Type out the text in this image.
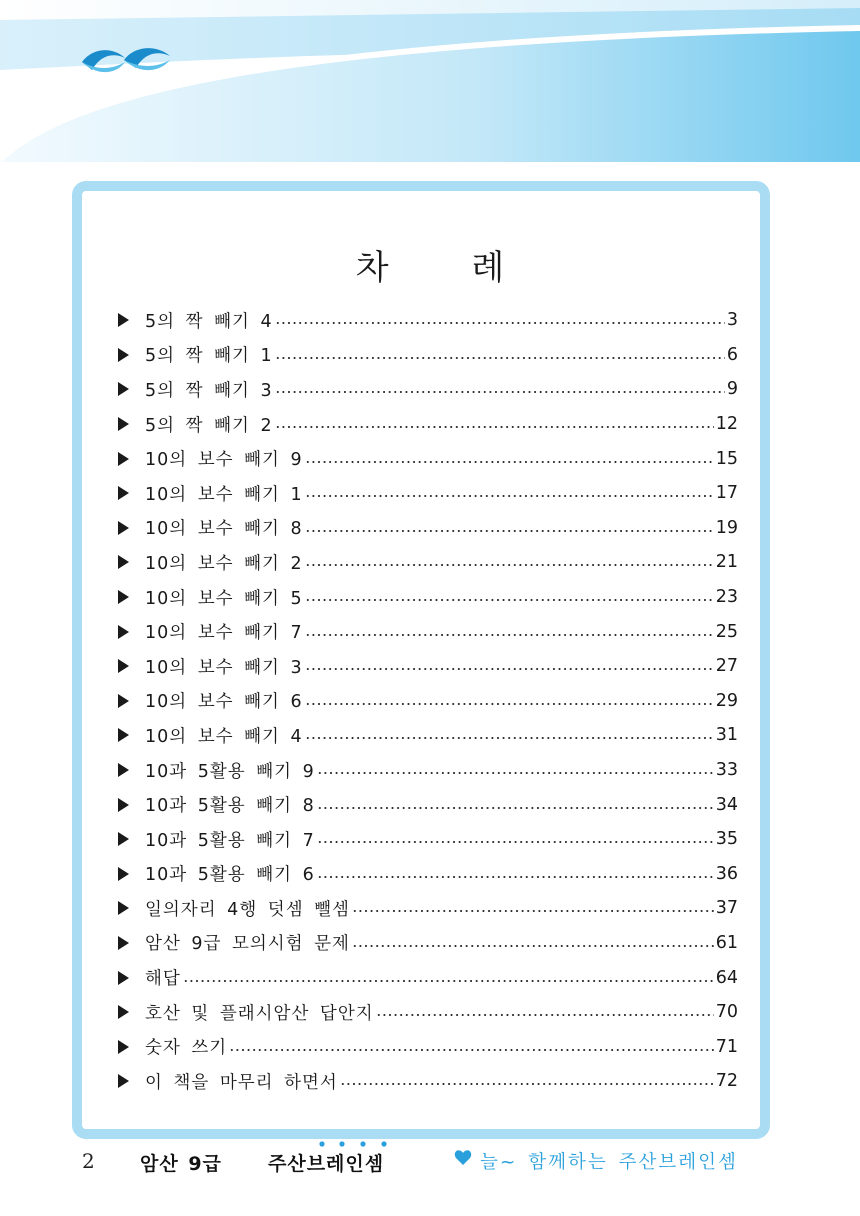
차 례
5의 짝 빼기 4	3
5의 짝 빼기 1	6
5의 짝 빼기 3	9
5의 짝 빼기 2	12
10의 보수 빼기 9	15
10의 보수 빼기 1	17
10의 보수 빼기 8	19
10의 보수 빼기 2	21
10의 보수 빼기 5	23
10의 보수 빼기 7	25
10의 보수 빼기 3	27
10의 보수 빼기 6	29
10의 보수 빼기 4	31
10과 5활용 빼기 9	33
10과 5활용 빼기 8	34
10과 5활용 빼기 7	35
10과 5활용 빼기 6	36
일의자리 4행 덧셈 뺄셈	37
암산 9급 모의시험 문제	61
해답	64
호산 및 플래시암산 답안지	70
숫자 쓰기	71
이 책을 마무리 하면서	72
2 암산 9급 주산브레인셈	늘~ 함께하는 주산브레인셈
